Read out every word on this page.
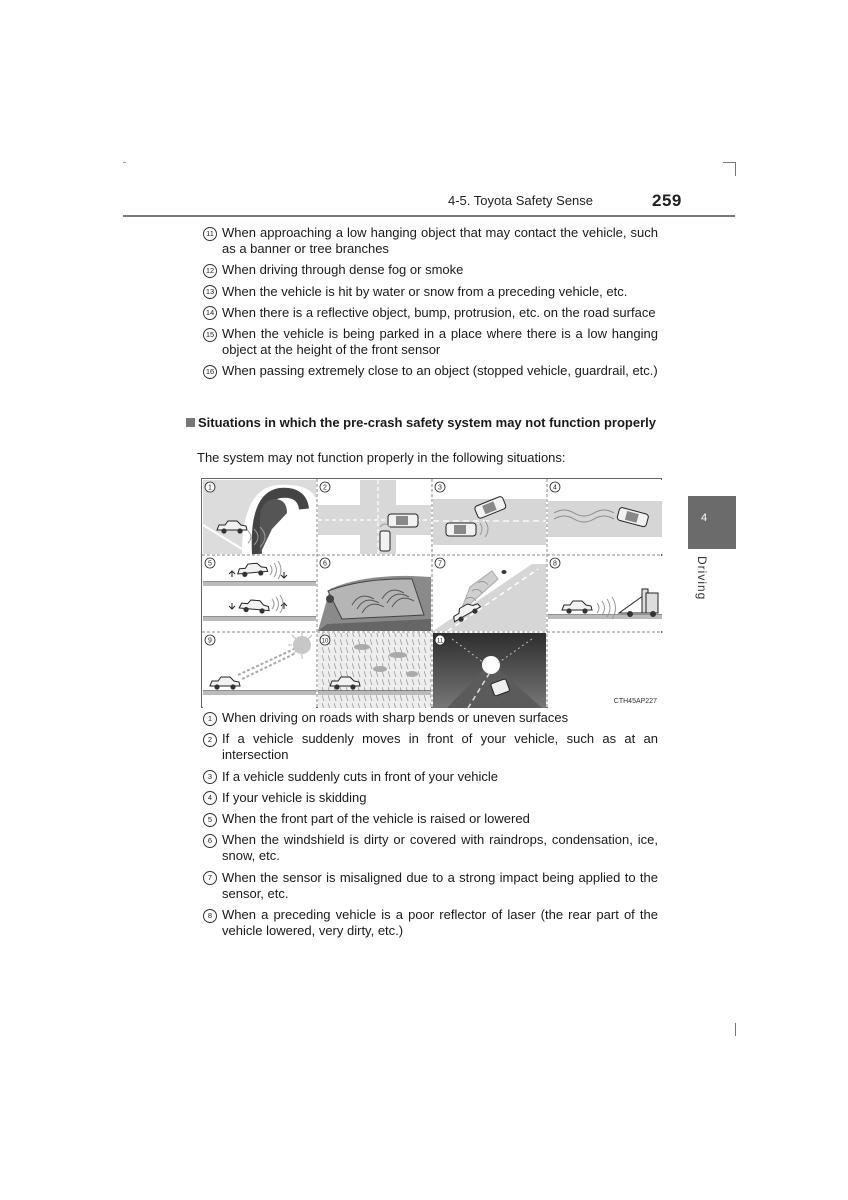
4-5. Toyota Safety Sense	259
4
Driving
11 When approaching a low hanging object that may contact the vehicle, such as a banner or tree branches
12 When driving through dense fog or smoke
13 When the vehicle is hit by water or snow from a preceding vehicle, etc.
14 When there is a reflective object, bump, protrusion, etc. on the road surface
15 When the vehicle is being parked in a place where there is a low hanging object at the height of the front sensor
16 When passing extremely close to an object (stopped vehicle, guardrail, etc.)
Situations in which the pre-crash safety system may not function properly
The system may not function properly in the following situations:
1	2	3	4
5	6	7	8
9	10	11
CTH45AP227
1 When driving on roads with sharp bends or uneven surfaces
2 If a vehicle suddenly moves in front of your vehicle, such as at an intersection
3 If a vehicle suddenly cuts in front of your vehicle
4 If your vehicle is skidding
5 When the front part of the vehicle is raised or lowered
6 When the windshield is dirty or covered with raindrops, condensation, ice, snow, etc.
7 When the sensor is misaligned due to a strong impact being applied to the sensor, etc.
8 When a preceding vehicle is a poor reflector of laser (the rear part of the vehicle lowered, very dirty, etc.)
